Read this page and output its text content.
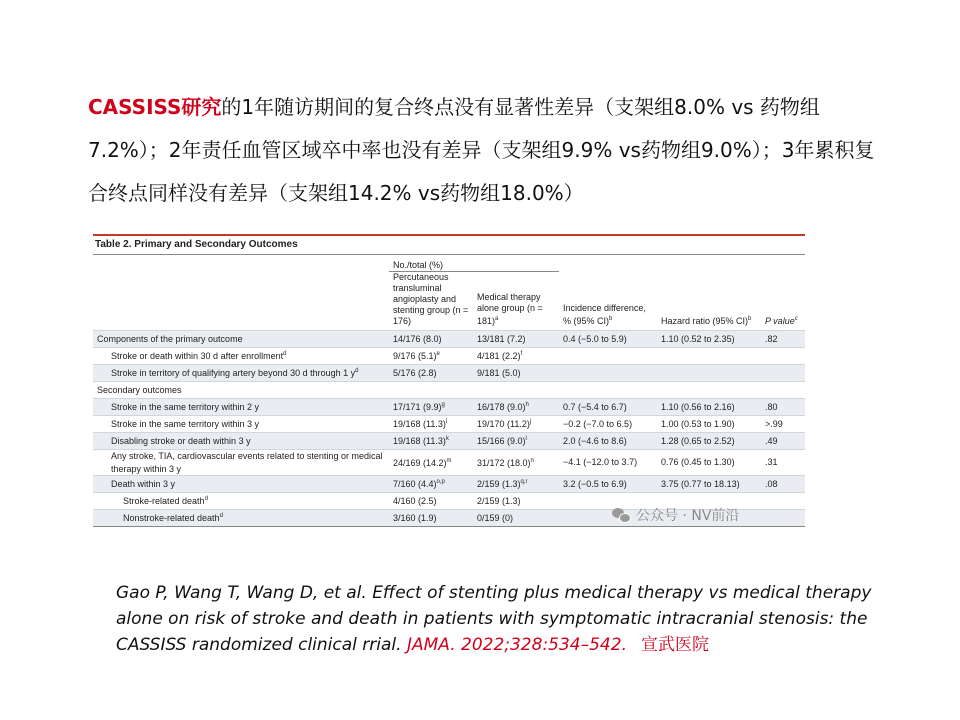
CASSISS研究的1年随访期间的复合终点没有显著性差异（支架组8.0% vs 药物组7.2%）；2年责任血管区域卒中率也没有差异（支架组9.9% vs药物组9.0%）；3年累积复合终点同样没有差异（支架组14.2% vs药物组18.0%）
Table 2. Primary and Secondary Outcomes
	No./total (%)				
	Percutaneous transluminal angioplasty and stenting group (n = 176)	Medical therapy alone group (n = 181)$^a$	Incidence difference, % (95% CI)$^b$	Hazard ratio (95% CI)$^b$	P value$^c$
Components of the primary outcome	14/176 (8.0)	13/181 (7.2)	0.4 (−5.0 to 5.9)	1.10 (0.52 to 2.35)	.82
Stroke or death within 30 d after enrollment$^d$	9/176 $(5.1)^e$	4/181 $(2.2)^f$			
Stroke in territory of qualifying artery beyond 30 d through 1 $y^d$	5/176 (2.8)	9/181 (5.0)			
Secondary outcomes					
Stroke in the same territory within 2 y	17/171 $(9.9)^g$	16/178 $(9.0)^h$	0.7 (−5.4 to 6.7)	1.10 (0.56 to 2.16)	.80
Stroke in the same territory within 3 y	19/168 $(11.3)^i$	19/170 $(11.2)^j$	−0.2 (−7.0 to 6.5)	1.00 (0.53 to 1.90)	>.99
Disabling stroke or death within 3 y	19/168 $(11.3)^k$	15/166 $(9.0)^l$	2.0 (−4.6 to 8.6)	1.28 (0.65 to 2.52)	.49
Any stroke, TIA, cardiovascular events related to stenting or medical therapy within 3 y	24/169 $(14.2)^m$	31/172 $(18.0)^n$	−4.1 (−12.0 to 3.7)	0.76 (0.45 to 1.30)	.31
Death within 3 y	7/160 $(4.4)^{o,p}$	2/159 $(1.3)^{q,r}$	3.2 (−0.5 to 6.9)	3.75 (0.77 to 18.13)	.08
Stroke-related death$^d$	4/160 (2.5)	2/159 (1.3)			
Nonstroke-related death$^d$	3/160 (1.9)	0/159 (0)				公众号 · NV前沿
Gao P, Wang T, Wang D, et al. Effect of stenting plus medical therapy vs medical therapy alone on risk of stroke and death in patients with symptomatic intracranial stenosis: the CASSISS randomized clinical rrial. JAMA. 2022;328:534–542. 宣武医院
